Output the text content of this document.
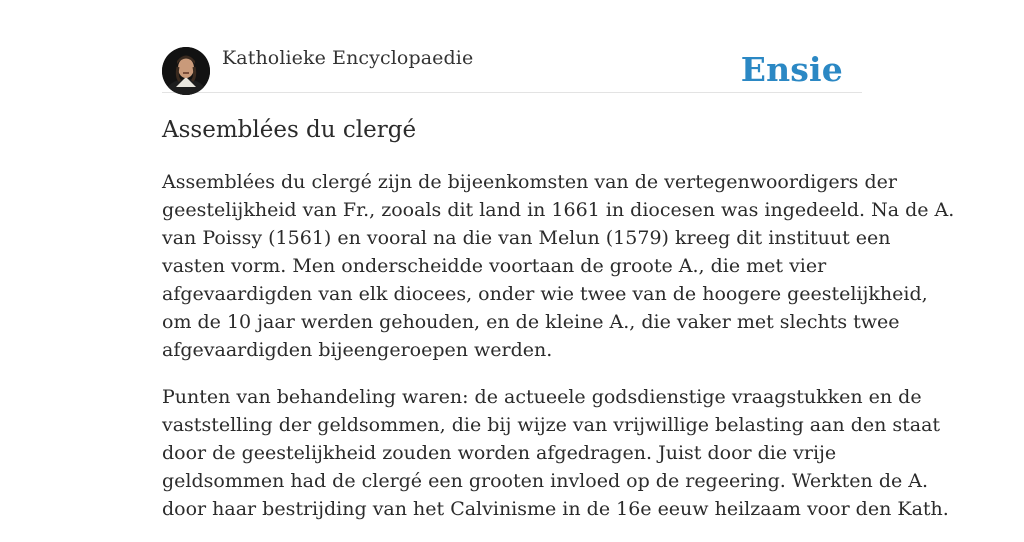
Katholieke Encyclopaedie	Ensie
Assemblées du clergé

Assemblées du clergé zijn de bijeenkomsten van de vertegenwoordigers der
geestelijkheid van Fr., zooals dit land in 1661 in diocesen was ingedeeld. Na de A.
van Poissy (1561) en vooral na die van Melun (1579) kreeg dit instituut een
vasten vorm. Men onderscheidde voortaan de groote A., die met vier
afgevaardigden van elk diocees, onder wie twee van de hoogere geestelijkheid,
om de 10 jaar werden gehouden, en de kleine A., die vaker met slechts twee
afgevaardigden bijeengeroepen werden.

Punten van behandeling waren: de actueele godsdienstige vraagstukken en de
vaststelling der geldsommen, die bij wijze van vrijwillige belasting aan den staat
door de geestelijkheid zouden worden afgedragen. Juist door die vrije
geldsommen had de clergé een grooten invloed op de regeering. Werkten de A.
door haar bestrijding van het Calvinisme in de 16e eeuw heilzaam voor den Kath.
